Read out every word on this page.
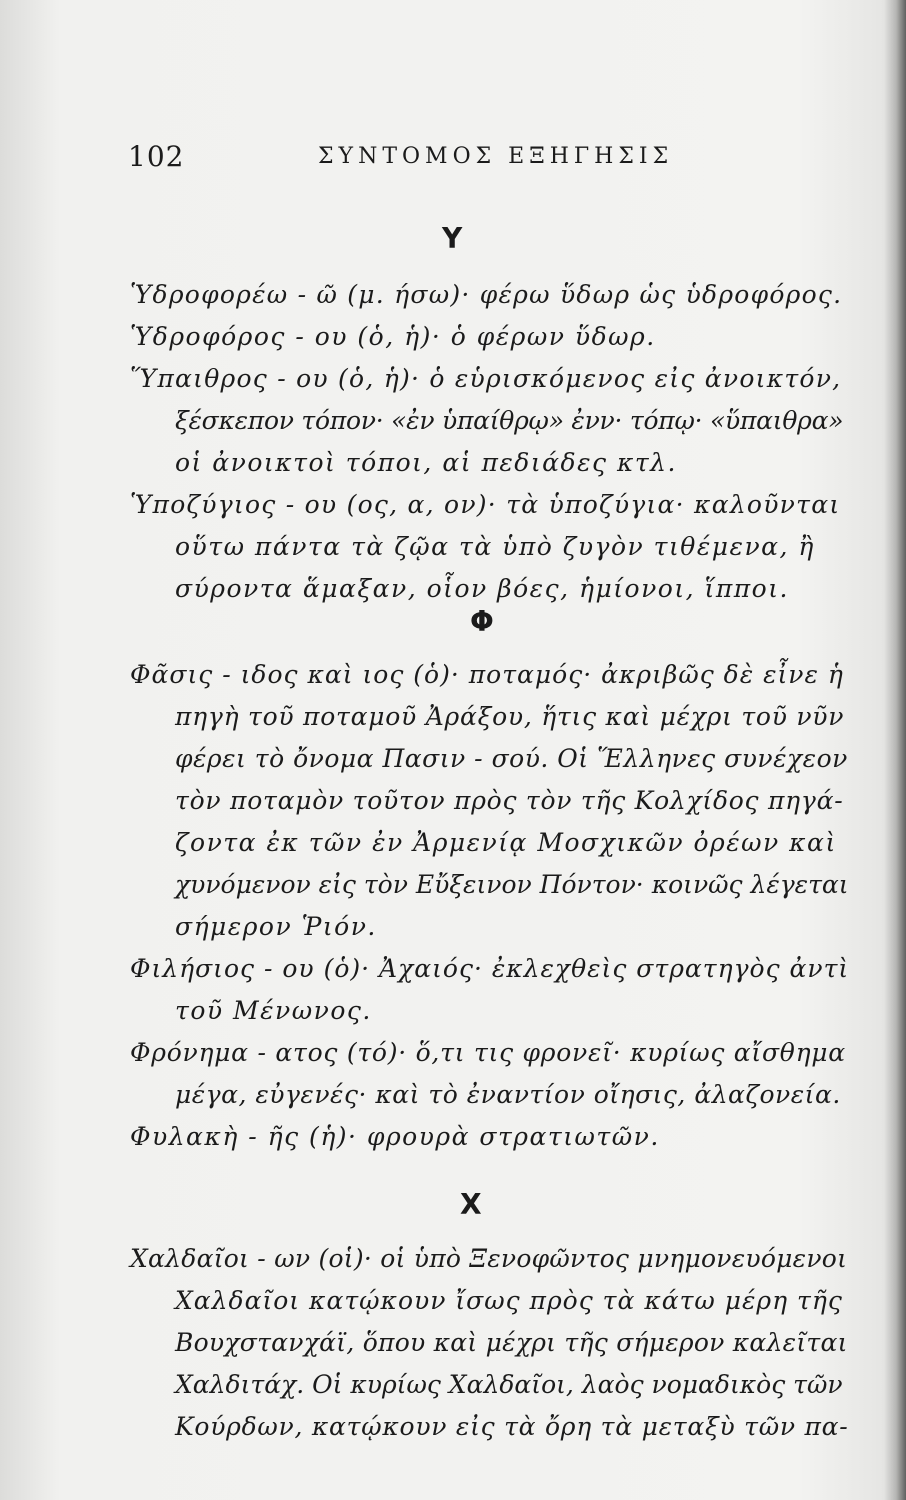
102	ΣΥΝΤΟΜΟΣ ΕΞΗΓΗΣΙΣ
Υ
Ὑδροφορέω - ῶ (μ. ήσω)· φέρω ὕδωρ ὡς ὑδροφόρος.
Ὑδροφόρος - ου (ὁ, ἡ)· ὁ φέρων ὕδωρ.
Ὕπαιθρος - ου (ὁ, ἡ)· ὁ εὑρισκόμενος εἰς ἀνοικτόν,
ξέσκεπον τόπον· «ἐν ὑπαίθρῳ» ἐνν· τόπῳ· «ὕπαιθρα»
οἱ ἀνοικτοὶ τόποι, αἱ πεδιάδες κτλ.
Ὑποζύγιος - ου (ος, α, ον)· τὰ ὑποζύγια· καλοῦνται
οὕτω πάντα τὰ ζῷα τὰ ὑπὸ ζυγὸν τιθέμενα, ἢ
σύροντα ἅμαξαν, οἷον βόες, ἡμίονοι, ἵπποι.
Φ
Φᾶσις - ιδος καὶ ιος (ὁ)· ποταμός· ἀκριβῶς δὲ εἶνε ἡ
πηγὴ τοῦ ποταμοῦ Ἀράξου, ἥτις καὶ μέχρι τοῦ νῦν
φέρει τὸ ὄνομα Πασιν - σού. Οἱ Ἕλληνες συνέχεον
τὸν ποταμὸν τοῦτον πρὸς τὸν τῆς Κολχίδος πηγά-
ζοντα ἐκ τῶν ἐν Ἀρμενίᾳ Μοσχικῶν ὀρέων καὶ
χυνόμενον εἰς τὸν Εὔξεινον Πόντον· κοινῶς λέγεται
σήμερον Ῥιόν.
Φιλήσιος - ου (ὁ)· Ἀχαιός· ἐκλεχθεὶς στρατηγὸς ἀντὶ
τοῦ Μένωνος.
Φρόνημα - ατος (τό)· ὅ,τι τις φρονεῖ· κυρίως αἴσθημα
μέγα, εὐγενές· καὶ τὸ ἐναντίον οἴησις, ἀλαζονεία.
Φυλακὴ - ῆς (ἡ)· φρουρὰ στρατιωτῶν.
Χ
Χαλδαῖοι - ων (οἱ)· οἱ ὑπὸ Ξενοφῶντος μνημονευόμενοι
Χαλδαῖοι κατῴκουν ἴσως πρὸς τὰ κάτω μέρη τῆς
Βουχστανχάϊ, ὅπου καὶ μέχρι τῆς σήμερον καλεῖται
Χαλδιτάχ. Οἱ κυρίως Χαλδαῖοι, λαὸς νομαδικὸς τῶν
Κούρδων, κατῴκουν εἰς τὰ ὄρη τὰ μεταξὺ τῶν πα-
